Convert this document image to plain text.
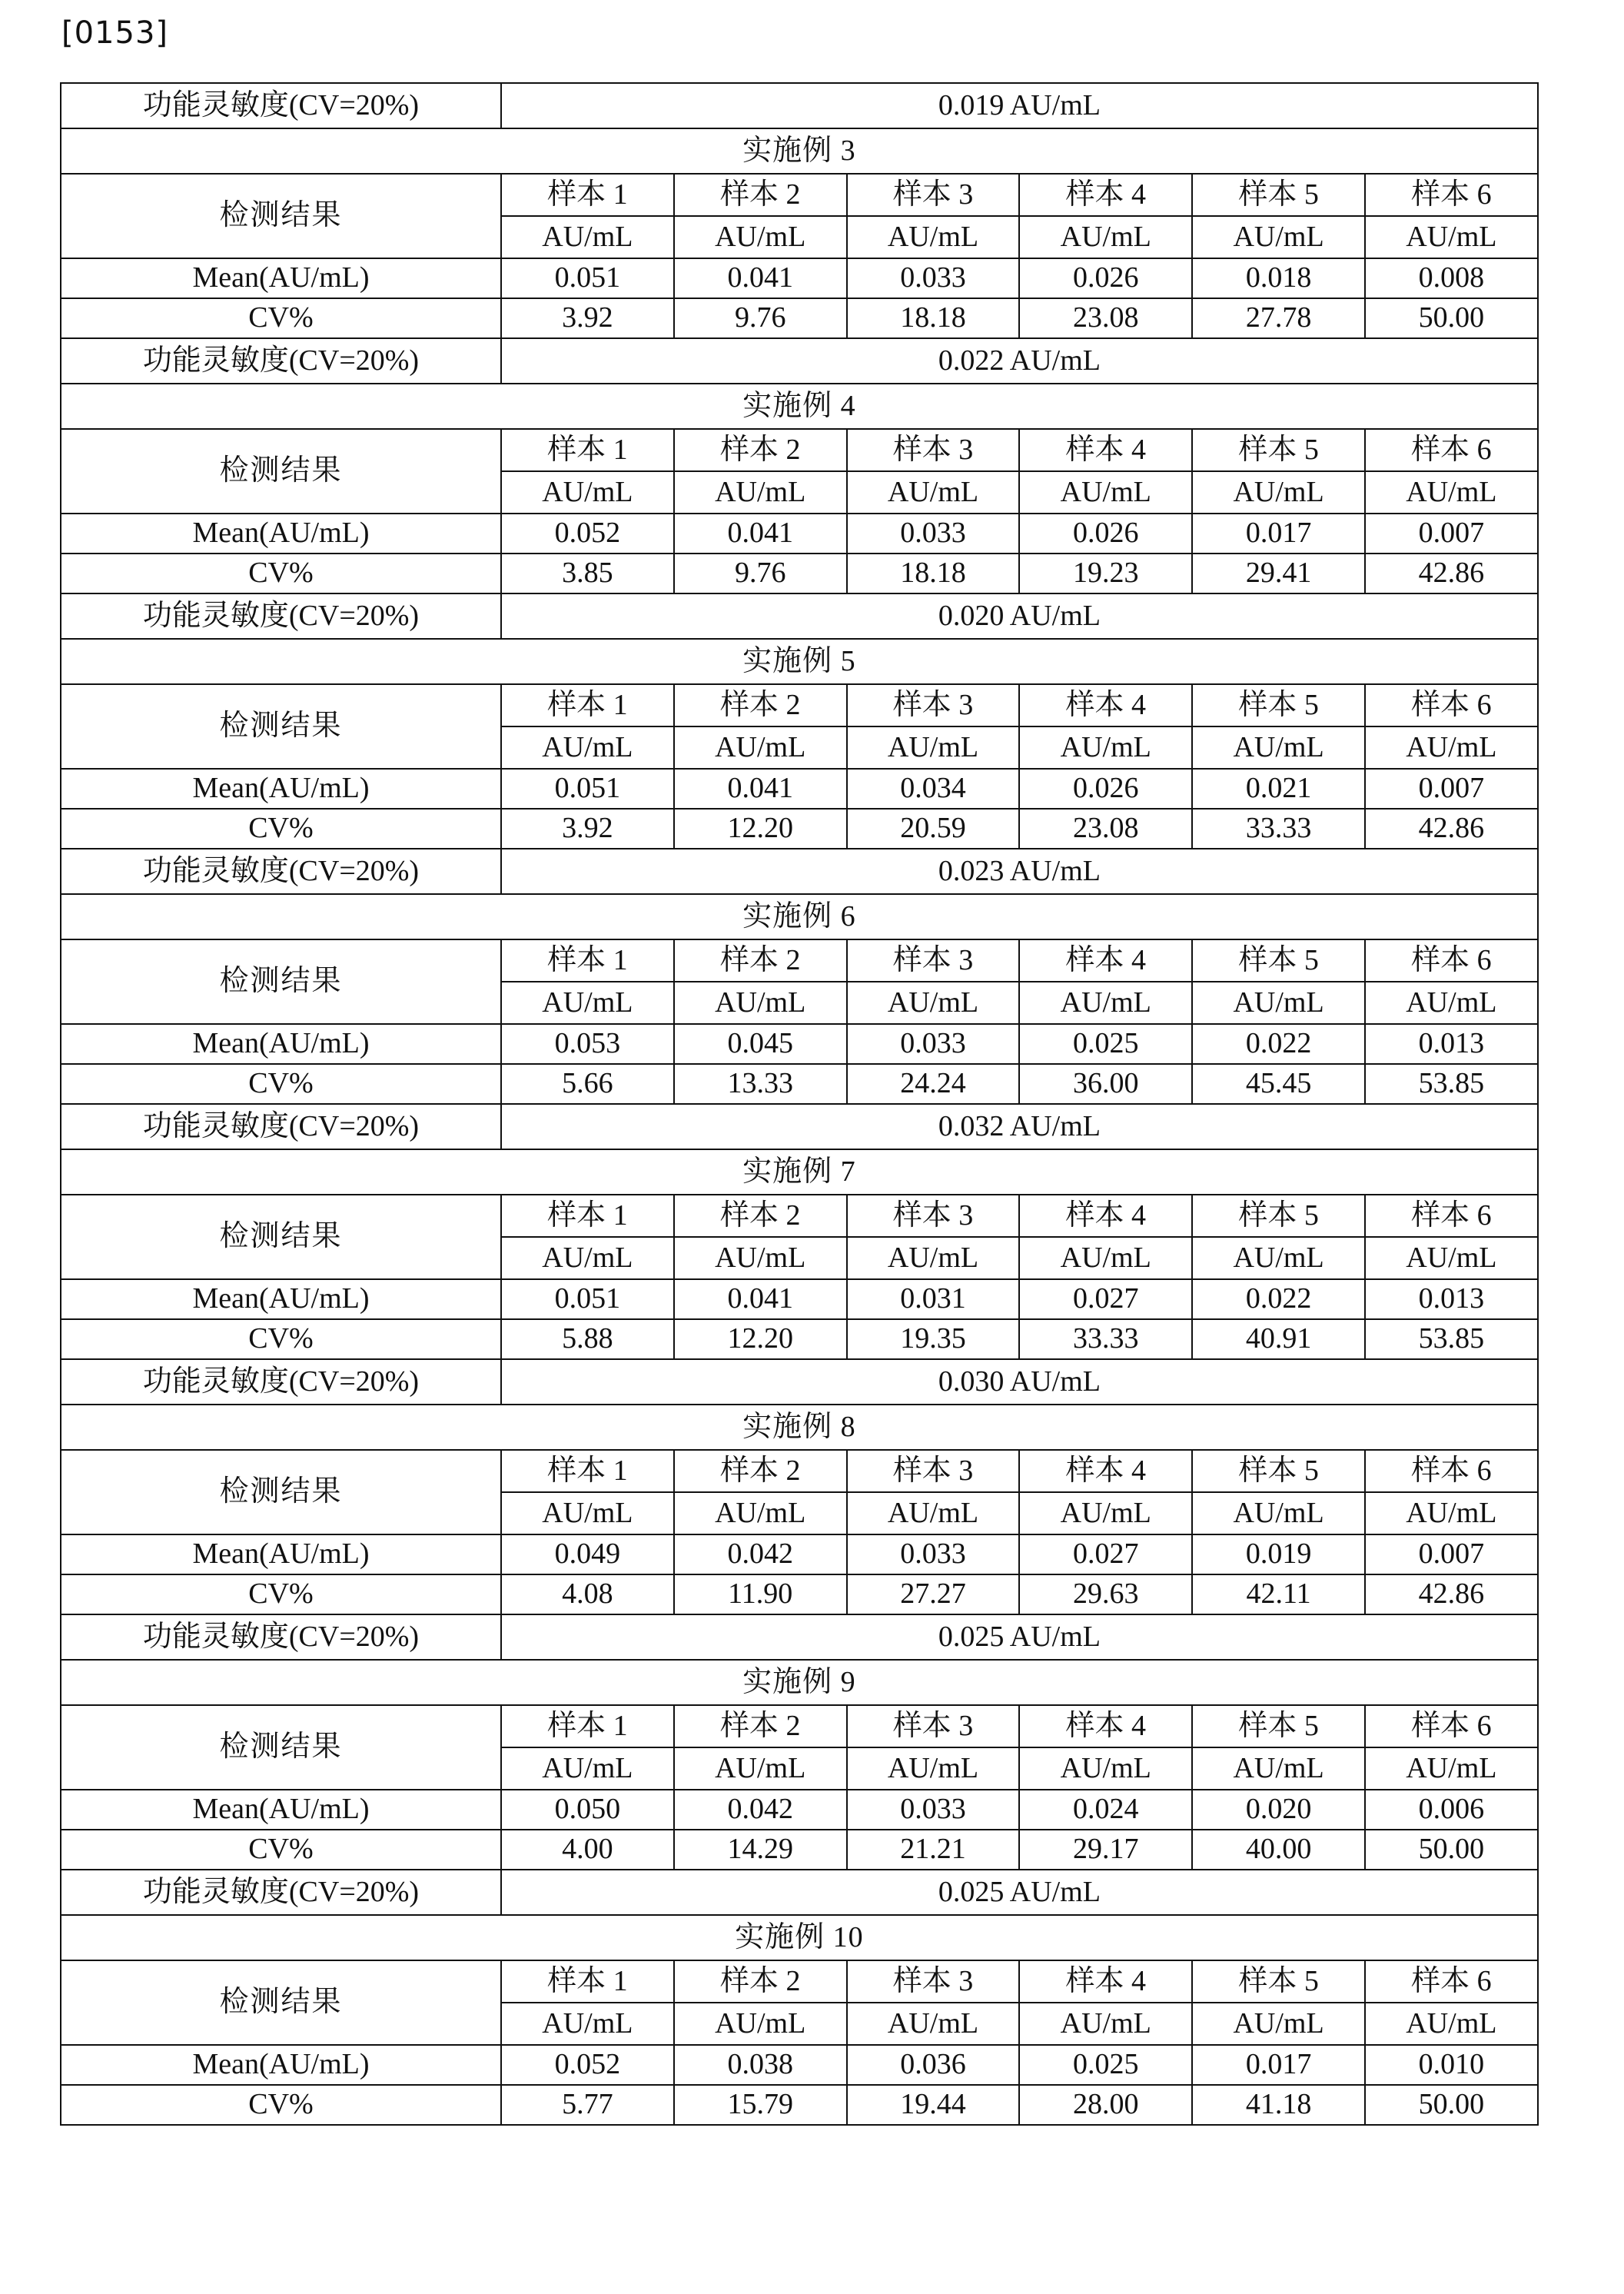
[0153]
功能灵敏度(CV=20%)	0.019 AU/mL					
实施例 3						
检测结果	样本 1	样本 2	样本 3	样本 4	样本 5	样本 6
	AU/mL	AU/mL	AU/mL	AU/mL	AU/mL	AU/mL
Mean(AU/mL)	0.051	0.041	0.033	0.026	0.018	0.008
CV%	3.92	9.76	18.18	23.08	27.78	50.00
功能灵敏度(CV=20%)	0.022 AU/mL					
实施例 4						
检测结果	样本 1	样本 2	样本 3	样本 4	样本 5	样本 6
	AU/mL	AU/mL	AU/mL	AU/mL	AU/mL	AU/mL
Mean(AU/mL)	0.052	0.041	0.033	0.026	0.017	0.007
CV%	3.85	9.76	18.18	19.23	29.41	42.86
功能灵敏度(CV=20%)	0.020 AU/mL					
实施例 5						
检测结果	样本 1	样本 2	样本 3	样本 4	样本 5	样本 6
	AU/mL	AU/mL	AU/mL	AU/mL	AU/mL	AU/mL
Mean(AU/mL)	0.051	0.041	0.034	0.026	0.021	0.007
CV%	3.92	12.20	20.59	23.08	33.33	42.86
功能灵敏度(CV=20%)	0.023 AU/mL					
实施例 6						
检测结果	样本 1	样本 2	样本 3	样本 4	样本 5	样本 6
	AU/mL	AU/mL	AU/mL	AU/mL	AU/mL	AU/mL
Mean(AU/mL)	0.053	0.045	0.033	0.025	0.022	0.013
CV%	5.66	13.33	24.24	36.00	45.45	53.85
功能灵敏度(CV=20%)	0.032 AU/mL					
实施例 7						
检测结果	样本 1	样本 2	样本 3	样本 4	样本 5	样本 6
	AU/mL	AU/mL	AU/mL	AU/mL	AU/mL	AU/mL
Mean(AU/mL)	0.051	0.041	0.031	0.027	0.022	0.013
CV%	5.88	12.20	19.35	33.33	40.91	53.85
功能灵敏度(CV=20%)	0.030 AU/mL					
实施例 8						
检测结果	样本 1	样本 2	样本 3	样本 4	样本 5	样本 6
	AU/mL	AU/mL	AU/mL	AU/mL	AU/mL	AU/mL
Mean(AU/mL)	0.049	0.042	0.033	0.027	0.019	0.007
CV%	4.08	11.90	27.27	29.63	42.11	42.86
功能灵敏度(CV=20%)	0.025 AU/mL					
实施例 9						
检测结果	样本 1	样本 2	样本 3	样本 4	样本 5	样本 6
	AU/mL	AU/mL	AU/mL	AU/mL	AU/mL	AU/mL
Mean(AU/mL)	0.050	0.042	0.033	0.024	0.020	0.006
CV%	4.00	14.29	21.21	29.17	40.00	50.00
功能灵敏度(CV=20%)	0.025 AU/mL					
实施例 10						
检测结果	样本 1	样本 2	样本 3	样本 4	样本 5	样本 6
	AU/mL	AU/mL	AU/mL	AU/mL	AU/mL	AU/mL
Mean(AU/mL)	0.052	0.038	0.036	0.025	0.017	0.010
CV%	5.77	15.79	19.44	28.00	41.18	50.00
